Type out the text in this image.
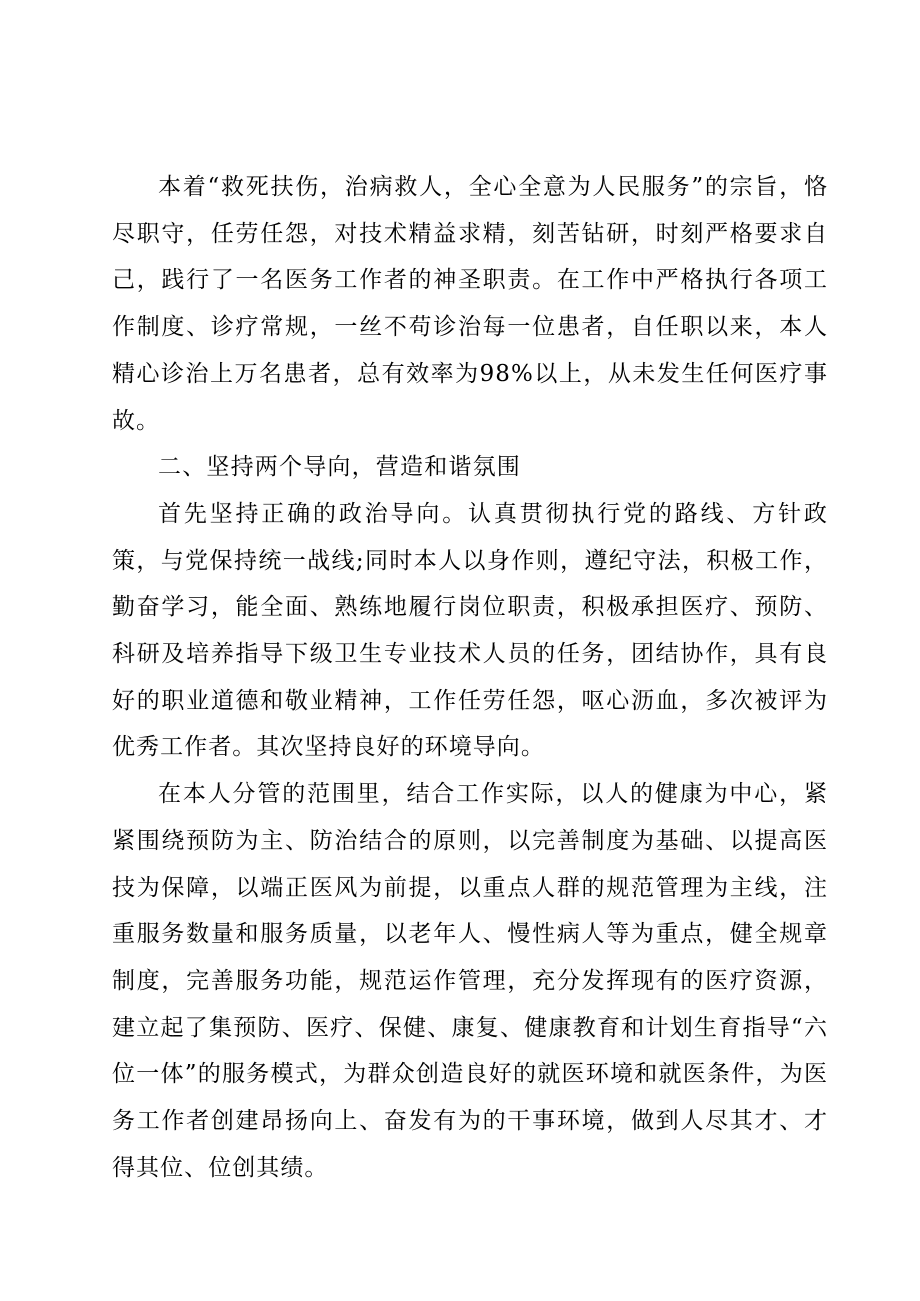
本着“救死扶伤，治病救人，全心全意为人民服务”的宗旨，恪尽职守，任劳任怨，对技术精益求精，刻苦钻研，时刻严格要求自己，践行了一名医务工作者的神圣职责。在工作中严格执行各项工作制度、诊疗常规，一丝不苟诊治每一位患者，自任职以来，本人精心诊治上万名患者，总有效率为98%以上，从未发生任何医疗事故。

二、坚持两个导向，营造和谐氛围

首先坚持正确的政治导向。认真贯彻执行党的路线、方针政策，与党保持统一战线;同时本人以身作则，遵纪守法，积极工作，勤奋学习，能全面、熟练地履行岗位职责，积极承担医疗、预防、科研及培养指导下级卫生专业技术人员的任务，团结协作，具有良好的职业道德和敬业精神，工作任劳任怨，呕心沥血，多次被评为优秀工作者。其次坚持良好的环境导向。

在本人分管的范围里，结合工作实际，以人的健康为中心，紧紧围绕预防为主、防治结合的原则，以完善制度为基础、以提高医技为保障，以端正医风为前提，以重点人群的规范管理为主线，注重服务数量和服务质量，以老年人、慢性病人等为重点，健全规章制度，完善服务功能，规范运作管理，充分发挥现有的医疗资源，建立起了集预防、医疗、保健、康复、健康教育和计划生育指导“六位一体”的服务模式，为群众创造良好的就医环境和就医条件，为医务工作者创建昂扬向上、奋发有为的干事环境，做到人尽其才、才得其位、位创其绩。
